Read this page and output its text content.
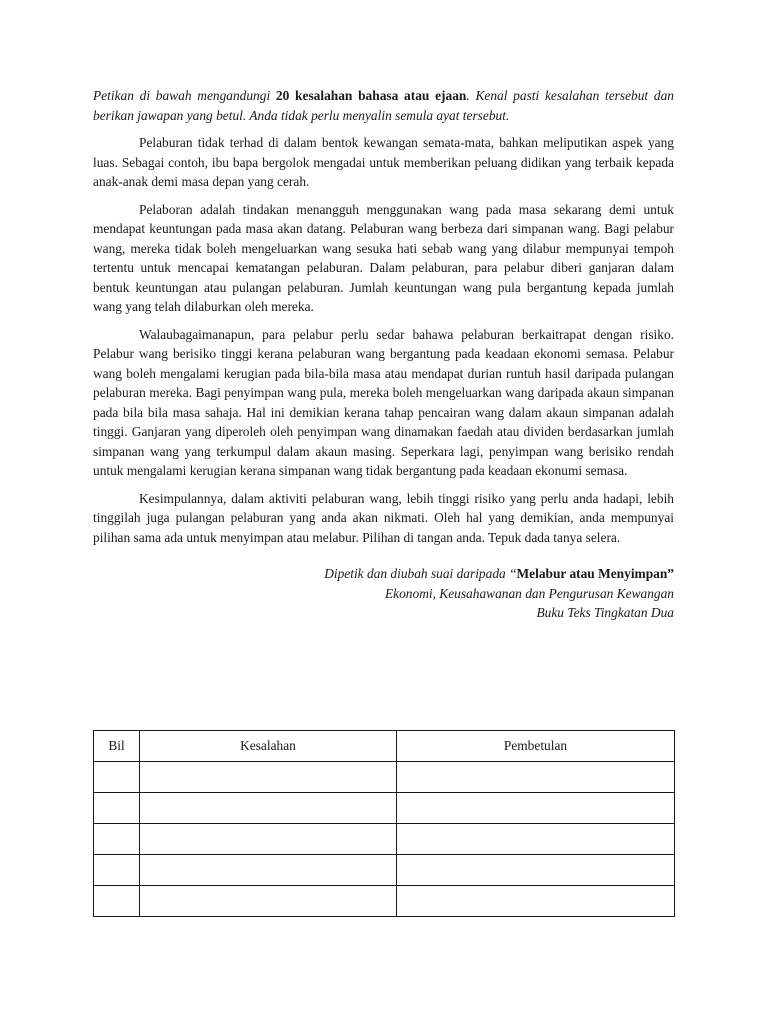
Petikan di bawah mengandungi 20 kesalahan bahasa atau ejaan. Kenal pasti kesalahan tersebut dan berikan jawapan yang betul. Anda tidak perlu menyalin semula ayat tersebut.

Pelaburan tidak terhad di dalam bentok kewangan semata-mata, bahkan meliputikan aspek yang luas. Sebagai contoh, ibu bapa bergolok mengadai untuk memberikan peluang didikan yang terbaik kepada anak-anak demi masa depan yang cerah.

Pelaboran adalah tindakan menangguh menggunakan wang pada masa sekarang demi untuk mendapat keuntungan pada masa akan datang. Pelaburan wang berbeza dari simpanan wang. Bagi pelabur wang, mereka tidak boleh mengeluarkan wang sesuka hati sebab wang yang dilabur mempunyai tempoh tertentu untuk mencapai kematangan pelaburan. Dalam pelaburan, para pelabur diberi ganjaran dalam bentuk keuntungan atau pulangan pelaburan. Jumlah keuntungan wang pula bergantung kepada jumlah wang yang telah dilaburkan oleh mereka.

Walaubagaimanapun, para pelabur perlu sedar bahawa pelaburan berkaitrapat dengan risiko. Pelabur wang berisiko tinggi kerana pelaburan wang bergantung pada keadaan ekonomi semasa. Pelabur wang boleh mengalami kerugian pada bila-bila masa atau mendapat durian runtuh hasil daripada pulangan pelaburan mereka. Bagi penyimpan wang pula, mereka boleh mengeluarkan wang daripada akaun simpanan pada bila bila masa sahaja. Hal ini demikian kerana tahap pencairan wang dalam akaun simpanan adalah tinggi. Ganjaran yang diperoleh oleh penyimpan wang dinamakan faedah atau dividen berdasarkan jumlah simpanan wang yang terkumpul dalam akaun masing. Seperkara lagi, penyimpan wang berisiko rendah untuk mengalami kerugian kerana simpanan wang tidak bergantung pada keadaan ekonumi semasa.

Kesimpulannya, dalam aktiviti pelaburan wang, lebih tinggi risiko yang perlu anda hadapi, lebih tinggilah juga pulangan pelaburan yang anda akan nikmati. Oleh hal yang demikian, anda mempunyai pilihan sama ada untuk menyimpan atau melabur. Pilihan di tangan anda. Tepuk dada tanya selera.

Dipetik dan diubah suai daripada “Melabur atau Menyimpan”
Ekonomi, Keusahawanan dan Pengurusan Kewangan
Buku Teks Tingkatan Dua
Bil	Kesalahan	Pembetulan
